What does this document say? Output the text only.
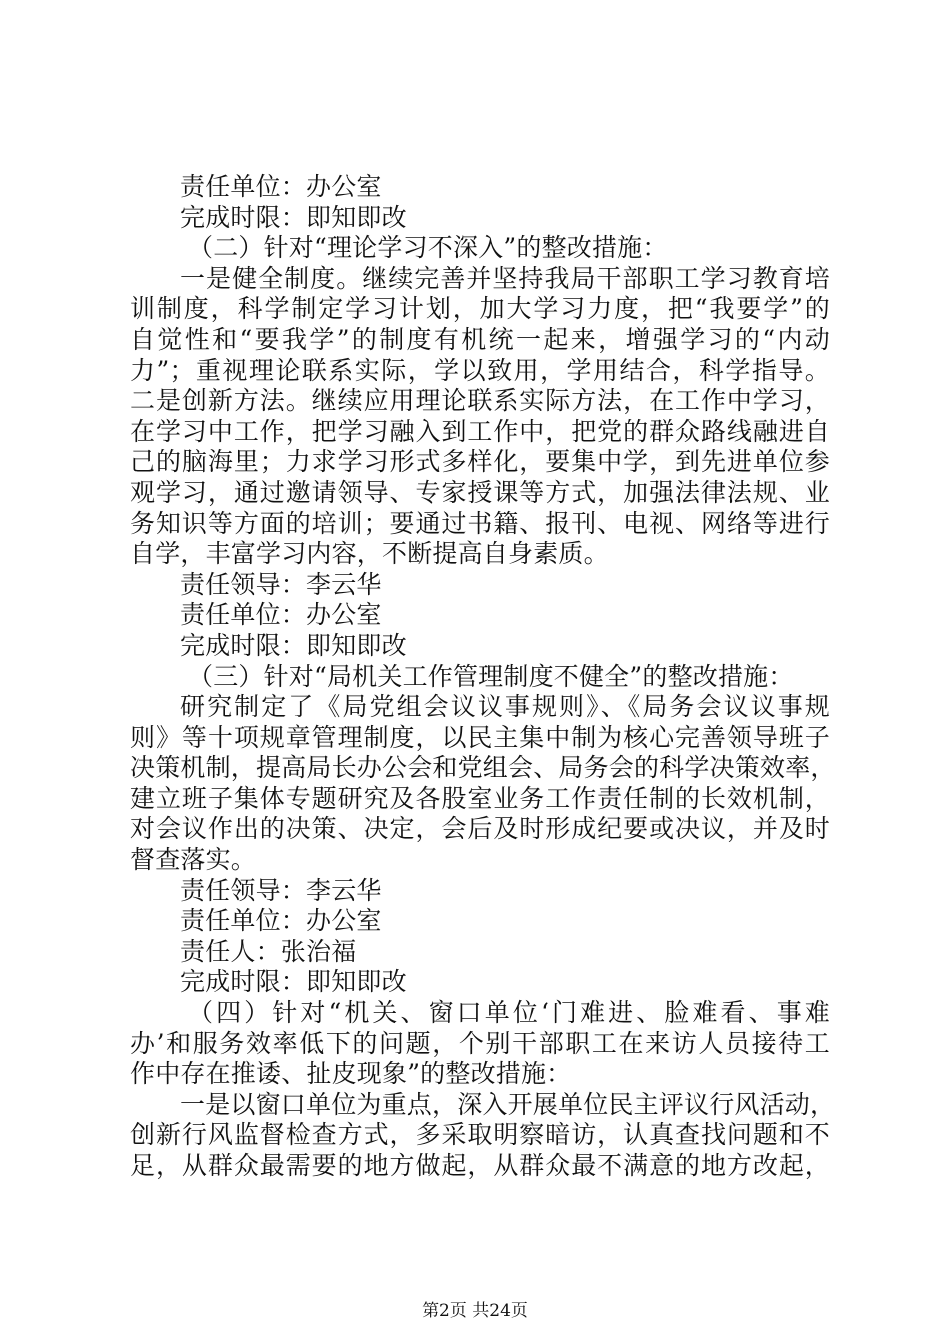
责任单位：办公室
完成时限：即知即改
（二）针对“理论学习不深入”的整改措施：
一是健全制度。继续完善并坚持我局干部职工学习教育培
训制度，科学制定学习计划，加大学习力度，把“我要学”的
自觉性和“要我学”的制度有机统一起来，增强学习的“内动
力”；重视理论联系实际，学以致用，学用结合，科学指导。
二是创新方法。继续应用理论联系实际方法，在工作中学习，
在学习中工作，把学习融入到工作中，把党的群众路线融进自
己的脑海里；力求学习形式多样化，要集中学，到先进单位参
观学习，通过邀请领导、专家授课等方式，加强法律法规、业
务知识等方面的培训；要通过书籍、报刊、电视、网络等进行
自学，丰富学习内容，不断提高自身素质。
责任领导：李云华
责任单位：办公室
完成时限：即知即改
（三）针对“局机关工作管理制度不健全”的整改措施：
研究制定了《局党组会议议事规则》、《局务会议议事规
则》等十项规章管理制度，以民主集中制为核心完善领导班子
决策机制，提高局长办公会和党组会、局务会的科学决策效率，
建立班子集体专题研究及各股室业务工作责任制的长效机制，
对会议作出的决策、决定，会后及时形成纪要或决议，并及时
督查落实。
责任领导：李云华
责任单位：办公室
责任人：张治福
完成时限：即知即改
（四）针对“机关、窗口单位‘门难进、脸难看、事难
办’和服务效率低下的问题，个别干部职工在来访人员接待工
作中存在推诿、扯皮现象”的整改措施：
一是以窗口单位为重点，深入开展单位民主评议行风活动，
创新行风监督检查方式，多采取明察暗访，认真查找问题和不
足，从群众最需要的地方做起，从群众最不满意的地方改起，
第2页 共24页
